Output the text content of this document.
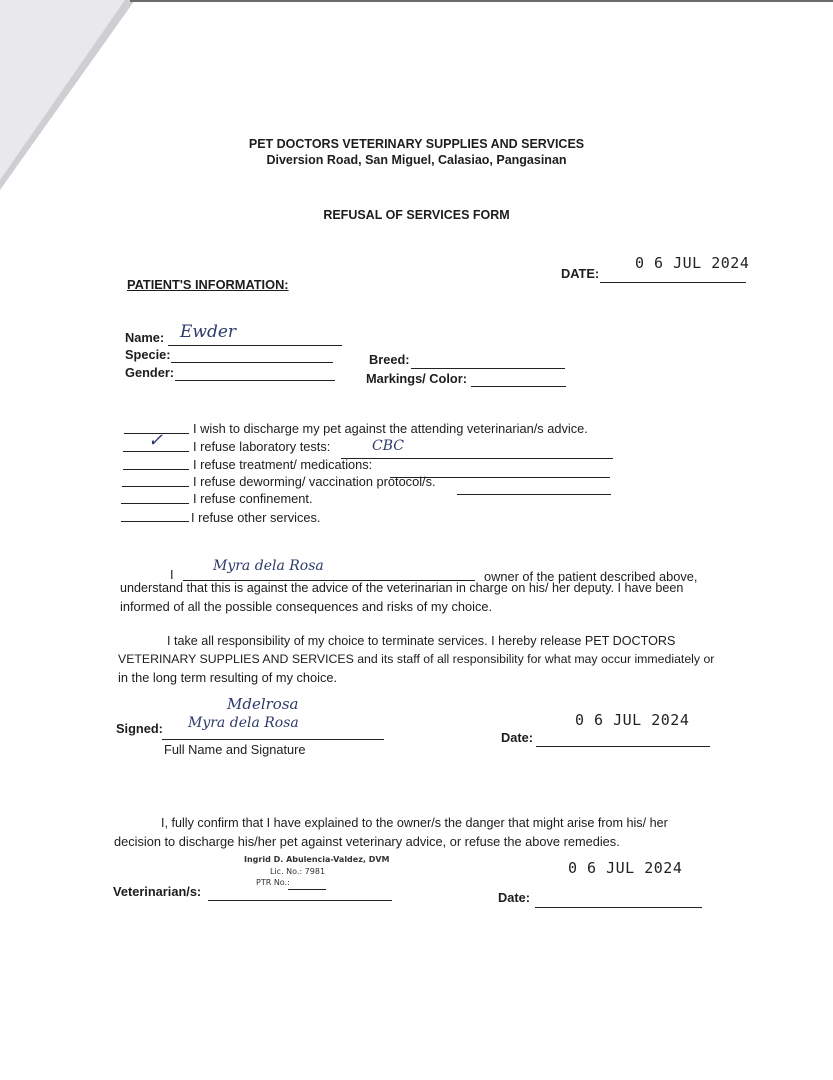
PET DOCTORS VETERINARY SUPPLIES AND SERVICES
Diversion Road, San Miguel, Calasiao, Pangasinan
REFUSAL OF SERVICES FORM
PATIENT'S INFORMATION:
DATE:
0 6 JUL 2024
Name: Ewder
Specie:
Gender:
Breed:
Markings/ Color:
I wish to discharge my pet against the attending veterinarian/s advice.
✓ I refuse laboratory tests:	CBC
I refuse treatment/ medications:
I refuse deworming/ vaccination protocol/s.
I refuse confinement.
I refuse other services.
I
Myra dela Rosa
owner of the patient described above,
understand that this is against the advice of the veterinarian in charge on his/ her deputy. I have been
informed of all the possible consequences and risks of my choice.
I take all responsibility of my choice to terminate services. I hereby release PET DOCTORS
VETERINARY SUPPLIES AND SERVICES and its staff of all responsibility for what may occur immediately or
in the long term resulting of my choice.
Mdelrosa
Signed: Myra dela Rosa
Full Name and Signature
0 6 JUL 2024
Date:
I, fully confirm that I have explained to the owner/s the danger that might arise from his/ her
decision to discharge his/her pet against veterinary advice, or refuse the above remedies.
Ingrid D. Abulencia-Valdez, DVM
Lic. No.: 7981
PTR No.:
Veterinarian/s:
0 6 JUL 2024
Date:
